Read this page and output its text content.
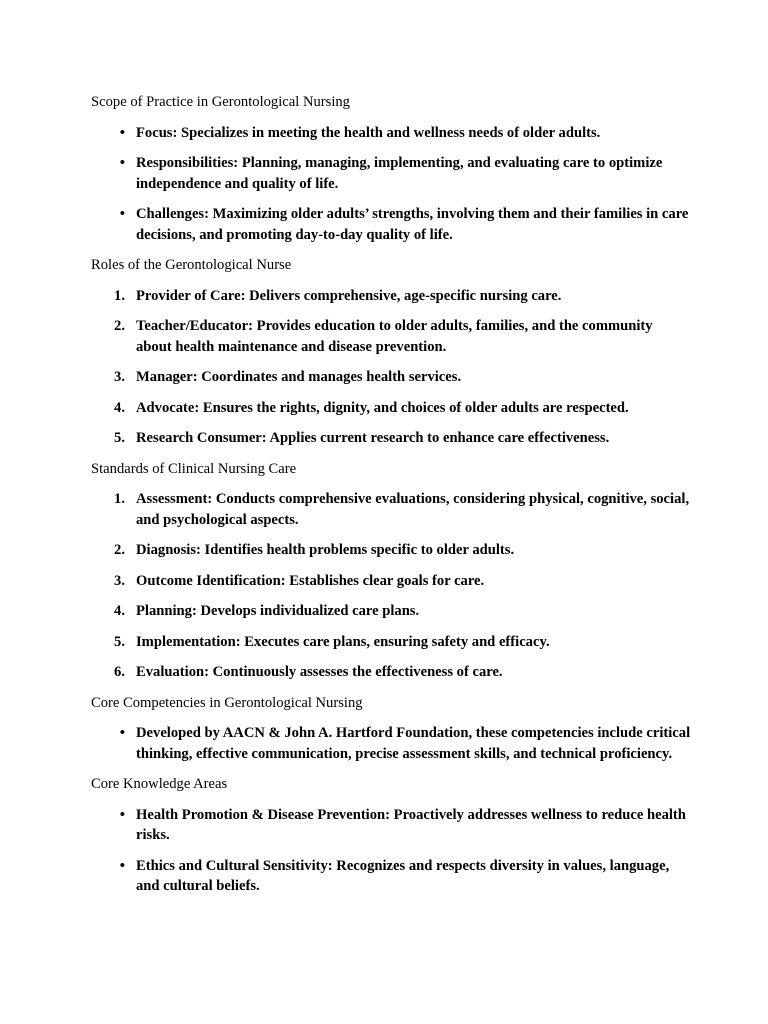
Scope of Practice in Gerontological Nursing
• Focus: Specializes in meeting the health and wellness needs of older adults.
• Responsibilities: Planning, managing, implementing, and evaluating care to optimize independence and quality of life.
• Challenges: Maximizing older adults’ strengths, involving them and their families in care decisions, and promoting day-to-day quality of life.
Roles of the Gerontological Nurse
1. Provider of Care: Delivers comprehensive, age-specific nursing care.
2. Teacher/Educator: Provides education to older adults, families, and the community about health maintenance and disease prevention.
3. Manager: Coordinates and manages health services.
4. Advocate: Ensures the rights, dignity, and choices of older adults are respected.
5. Research Consumer: Applies current research to enhance care effectiveness.
Standards of Clinical Nursing Care
1. Assessment: Conducts comprehensive evaluations, considering physical, cognitive, social, and psychological aspects.
2. Diagnosis: Identifies health problems specific to older adults.
3. Outcome Identification: Establishes clear goals for care.
4. Planning: Develops individualized care plans.
5. Implementation: Executes care plans, ensuring safety and efficacy.
6. Evaluation: Continuously assesses the effectiveness of care.
Core Competencies in Gerontological Nursing
• Developed by AACN & John A. Hartford Foundation, these competencies include critical thinking, effective communication, precise assessment skills, and technical proficiency.
Core Knowledge Areas
• Health Promotion & Disease Prevention: Proactively addresses wellness to reduce health risks.
• Ethics and Cultural Sensitivity: Recognizes and respects diversity in values, language, and cultural beliefs.
